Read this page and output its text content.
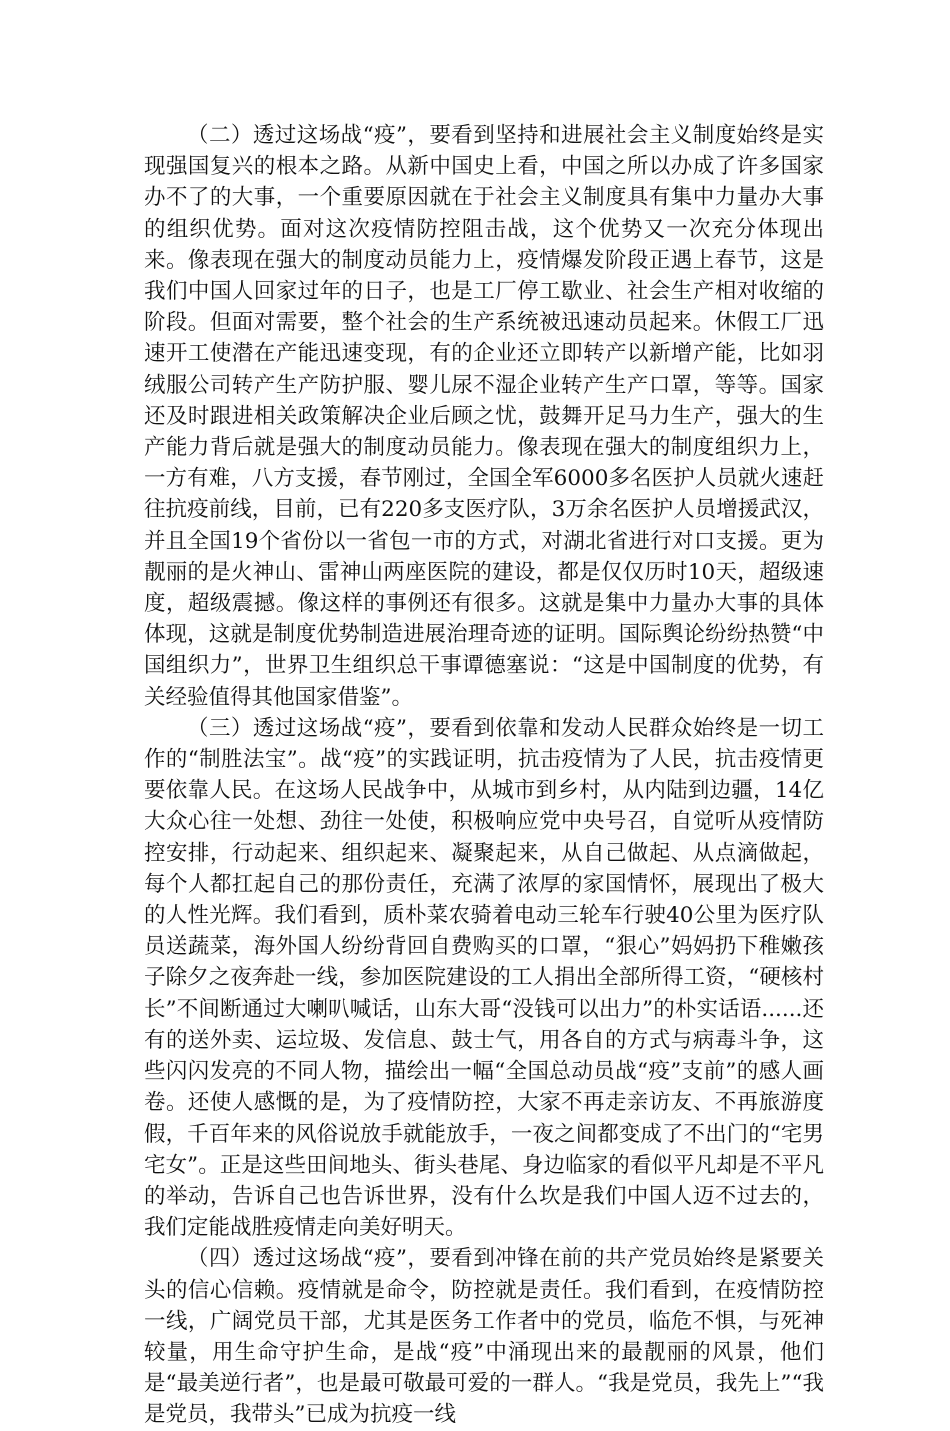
（二）透过这场战“疫”，要看到坚持和进展社会主义制度始终是实现强国复兴的根本之路。从新中国史上看，中国之所以办成了许多国家办不了的大事，一个重要原因就在于社会主义制度具有集中力量办大事的组织优势。面对这次疫情防控阻击战，这个优势又一次充分体现出来。像表现在强大的制度动员能力上，疫情爆发阶段正遇上春节，这是我们中国人回家过年的日子，也是工厂停工歇业、社会生产相对收缩的阶段。但面对需要，整个社会的生产系统被迅速动员起来。休假工厂迅速开工使潜在产能迅速变现，有的企业还立即转产以新增产能，比如羽绒服公司转产生产防护服、婴儿尿不湿企业转产生产口罩，等等。国家还及时跟进相关政策解决企业后顾之忧，鼓舞开足马力生产，强大的生产能力背后就是强大的制度动员能力。像表现在强大的制度组织力上，一方有难，八方支援，春节刚过，全国全军6000多名医护人员就火速赶往抗疫前线，目前，已有220多支医疗队，3万余名医护人员增援武汉，并且全国19个省份以一省包一市的方式，对湖北省进行对口支援。更为靓丽的是火神山、雷神山两座医院的建设，都是仅仅历时10天，超级速度，超级震撼。像这样的事例还有很多。这就是集中力量办大事的具体体现，这就是制度优势制造进展治理奇迹的证明。国际舆论纷纷热赞“中国组织力”，世界卫生组织总干事谭德塞说：“这是中国制度的优势，有关经验值得其他国家借鉴”。

（三）透过这场战“疫”，要看到依靠和发动人民群众始终是一切工作的“制胜法宝”。战“疫”的实践证明，抗击疫情为了人民，抗击疫情更要依靠人民。在这场人民战争中，从城市到乡村，从内陆到边疆，14亿大众心往一处想、劲往一处使，积极响应党中央号召，自觉听从疫情防控安排，行动起来、组织起来、凝聚起来，从自己做起、从点滴做起，每个人都扛起自己的那份责任，充满了浓厚的家国情怀，展现出了极大的人性光辉。我们看到，质朴菜农骑着电动三轮车行驶40公里为医疗队员送蔬菜，海外国人纷纷背回自费购买的口罩，“狠心”妈妈扔下稚嫩孩子除夕之夜奔赴一线，参加医院建设的工人捐出全部所得工资，“硬核村长”不间断通过大喇叭喊话，山东大哥“没钱可以出力”的朴实话语......还有的送外卖、运垃圾、发信息、鼓士气，用各自的方式与病毒斗争，这些闪闪发亮的不同人物，描绘出一幅“全国总动员战“疫”支前”的感人画卷。还使人感慨的是，为了疫情防控，大家不再走亲访友、不再旅游度假，千百年来的风俗说放手就能放手，一夜之间都变成了不出门的“宅男宅女”。正是这些田间地头、街头巷尾、身边临家的看似平凡却是不平凡的举动，告诉自己也告诉世界，没有什么坎是我们中国人迈不过去的，我们定能战胜疫情走向美好明天。

（四）透过这场战“疫”，要看到冲锋在前的共产党员始终是紧要关头的信心信赖。疫情就是命令，防控就是责任。我们看到，在疫情防控一线，广阔党员干部，尤其是医务工作者中的党员，临危不惧，与死神较量，用生命守护生命，是战“疫”中涌现出来的最靓丽的风景，他们是“最美逆行者”，也是最可敬最可爱的一群人。“我是党员，我先上”“我是党员，我带头”已成为抗疫一线
